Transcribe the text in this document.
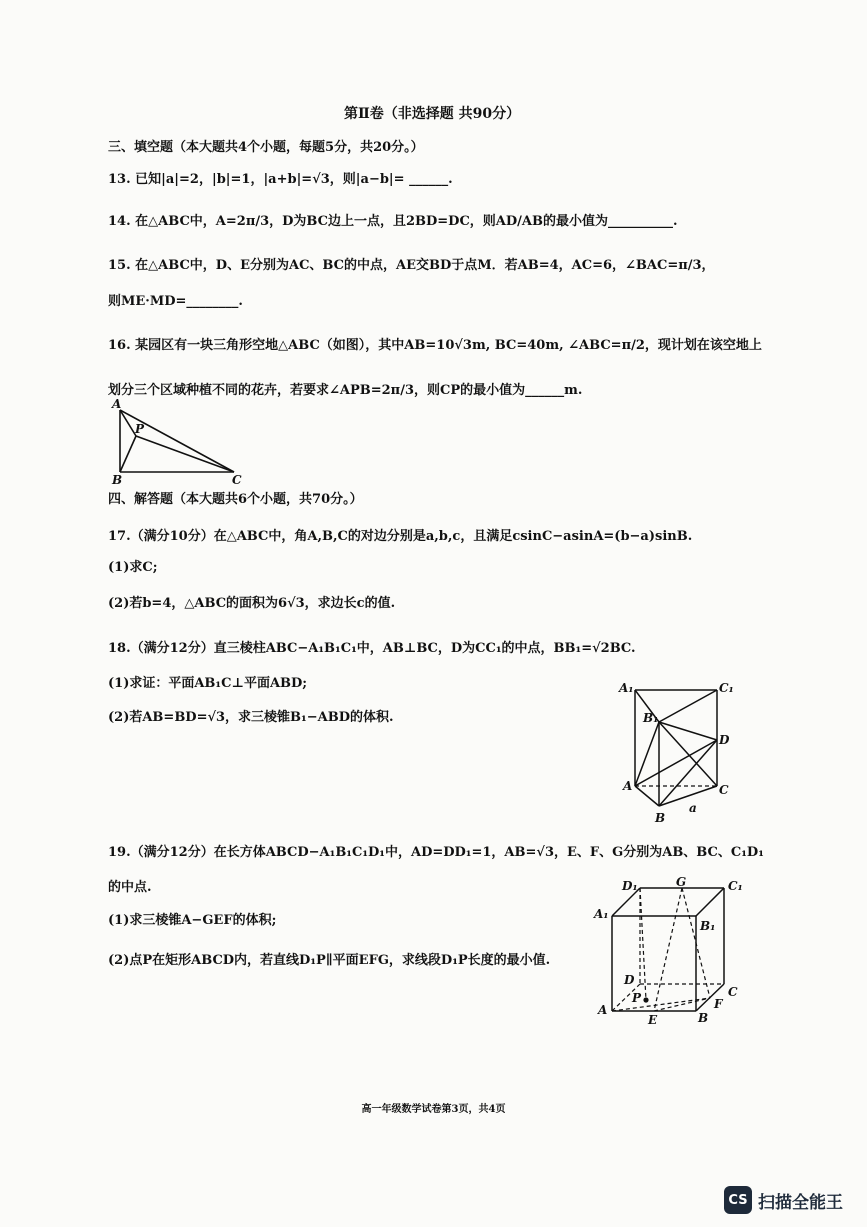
第Ⅱ卷（非选择题 共90分）
三、填空题（本大题共4个小题，每题5分，共20分。）
13. 已知|a|=2，|b|=1，|a+b|=√3，则|a−b|= ______.
14. 在△ABC中，A=2π/3，D为BC边上一点，且2BD=DC，则AD/AB的最小值为__________.
15. 在△ABC中，D、E分别为AC、BC的中点，AE交BD于点M．若AB=4，AC=6，∠BAC=π/3，
则ME·MD=________.
16. 某园区有一块三角形空地△ABC（如图），其中AB=10√3m, BC=40m, ∠ABC=π/2，现计划在该空地上
划分三个区域种植不同的花卉，若要求∠APB=2π/3，则CP的最小值为______m.
A
P
B	C
四、解答题（本大题共6个小题，共70分。）
17.（满分10分）在△ABC中，角A,B,C的对边分别是a,b,c，且满足csinC−asinA=(b−a)sinB.
(1)求C;
(2)若b=4，△ABC的面积为6√3，求边长c的值.
18.（满分12分）直三棱柱ABC−A₁B₁C₁中，AB⊥BC，D为CC₁的中点，BB₁=√2BC.
(1)求证：平面AB₁C⊥平面ABD;
(2)若AB=BD=√3，求三棱锥B₁−ABD的体积.
A₁	C₁
B₁
D
A	C
B
a
19.（满分12分）在长方体ABCD−A₁B₁C₁D₁中，AD=DD₁=1，AB=√3，E、F、G分别为AB、BC、C₁D₁
的中点.
(1)求三棱锥A−GEF的体积;
(2)点P在矩形ABCD内，若直线D₁P∥平面EFG，求线段D₁P长度的最小值.
D₁	G	C₁
A₁
B₁
D
P	C
A
E	B
F
高一年级数学试卷第3页，共4页
CS 扫描全能王
